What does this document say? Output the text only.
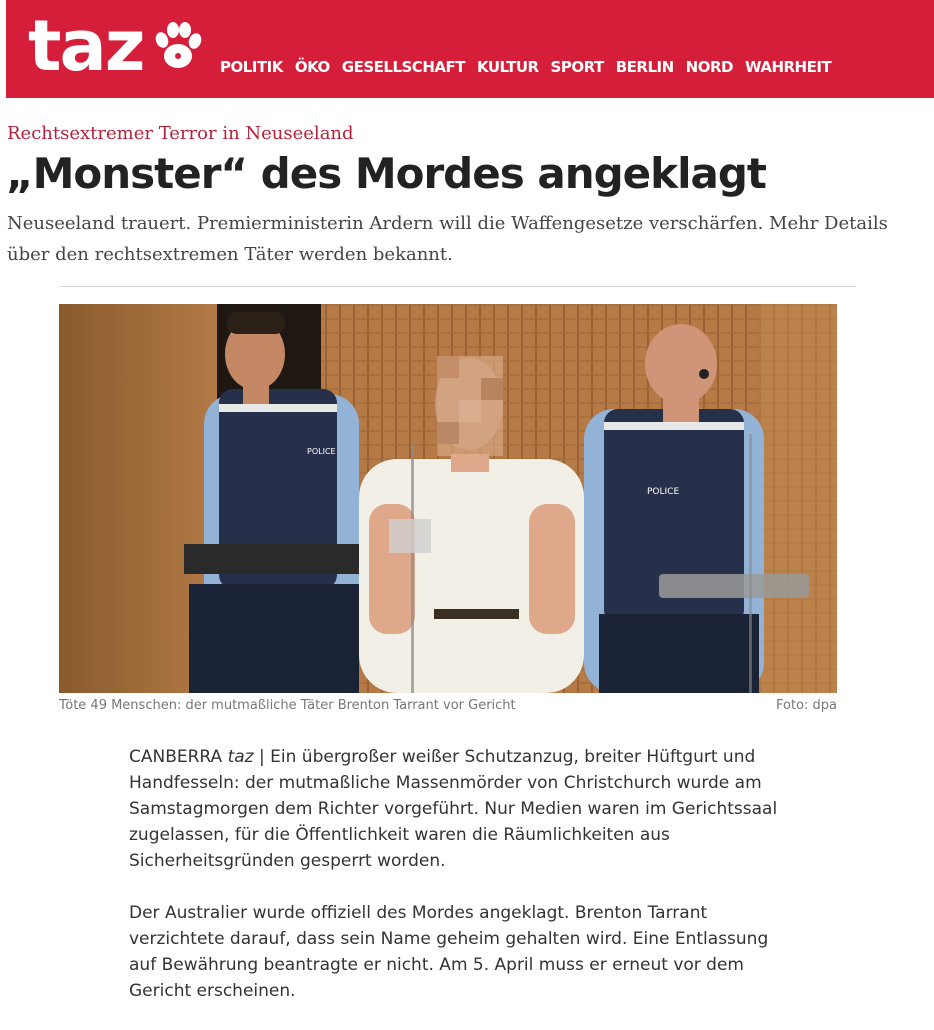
taz	POLITIK ÖKO GESELLSCHAFT KULTUR SPORT BERLIN NORD WAHRHEIT
Rechtsextremer Terror in Neuseeland
„Monster“ des Mordes angeklagt

Neuseeland trauert. Premierministerin Ardern will die Waffengesetze verschärfen. Mehr Details über den rechtsextremen Täter werden bekannt.

POLICE
POLICE
Töte 49 Menschen: der mutmaßliche Täter Brenton Tarrant vor Gericht	Foto: dpa

CANBERRA taz | Ein übergroßer weißer Schutzanzug, breiter Hüftgurt und Handfesseln: der mutmaßliche Massenmörder von Christchurch wurde am Samstagmorgen dem Richter vorgeführt. Nur Medien waren im Gerichtssaal zugelassen, für die Öffentlichkeit waren die Räumlichkeiten aus Sicherheitsgründen gesperrt worden.

Der Australier wurde offiziell des Mordes angeklagt. Brenton Tarrant verzichtete darauf, dass sein Name geheim gehalten wird. Eine Entlassung auf Bewährung beantragte er nicht. Am 5. April muss er erneut vor dem Gericht erscheinen.
